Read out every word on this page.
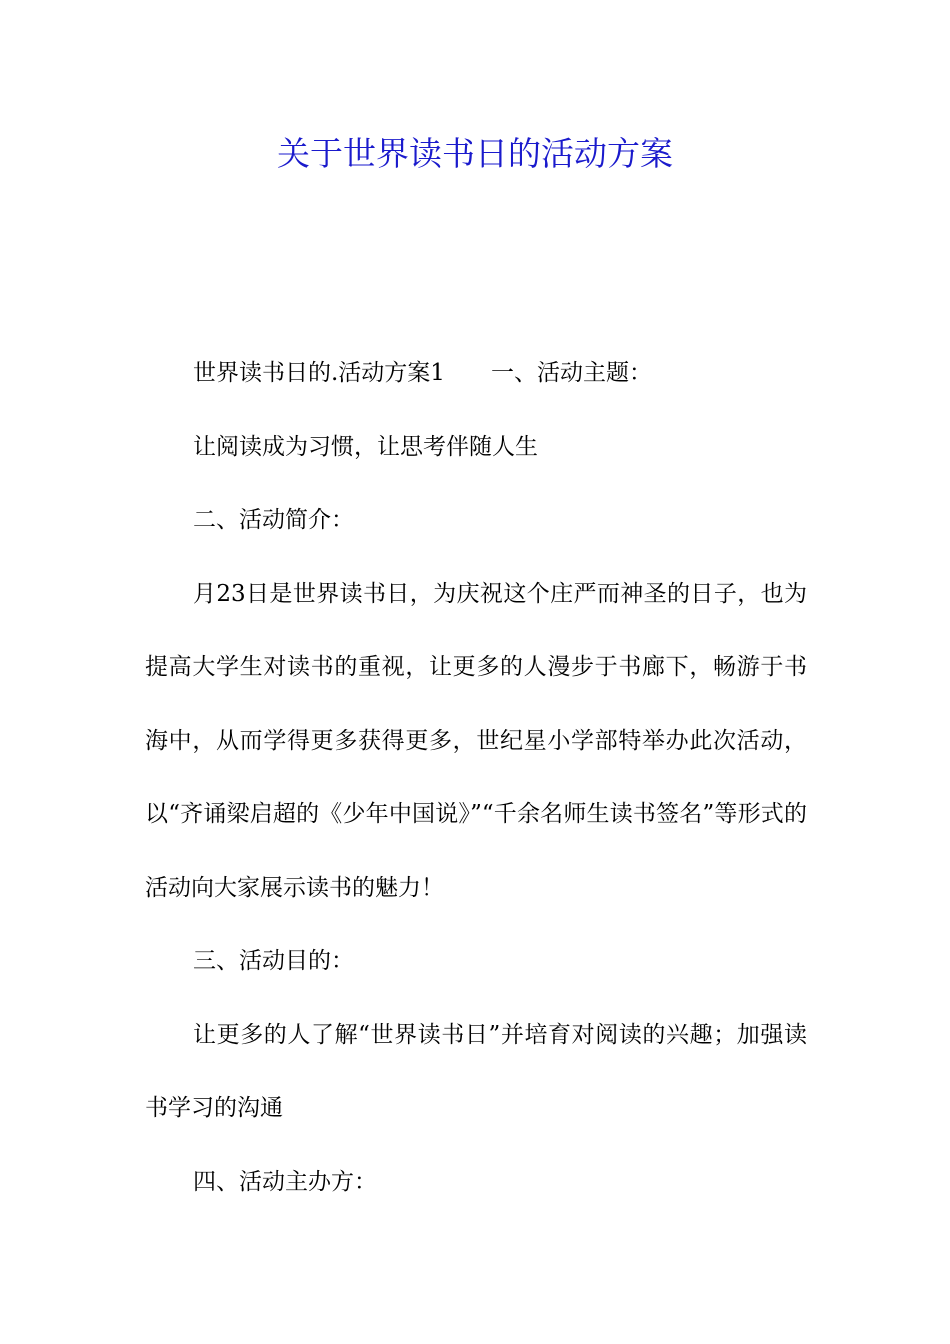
关于世界读书日的活动方案

世界读书日的.活动方案1 一、活动主题：

让阅读成为习惯，让思考伴随人生

二、活动简介：

月23日是世界读书日，为庆祝这个庄严而神圣的日子，也为提高大学生对读书的重视，让更多的人漫步于书廊下，畅游于书海中，从而学得更多获得更多，世纪星小学部特举办此次活动，以“齐诵梁启超的《少年中国说》”“千余名师生读书签名”等形式的活动向大家展示读书的魅力！

三、活动目的：

让更多的人了解“世界读书日”并培育对阅读的兴趣；加强读书学习的沟通

四、活动主办方：
